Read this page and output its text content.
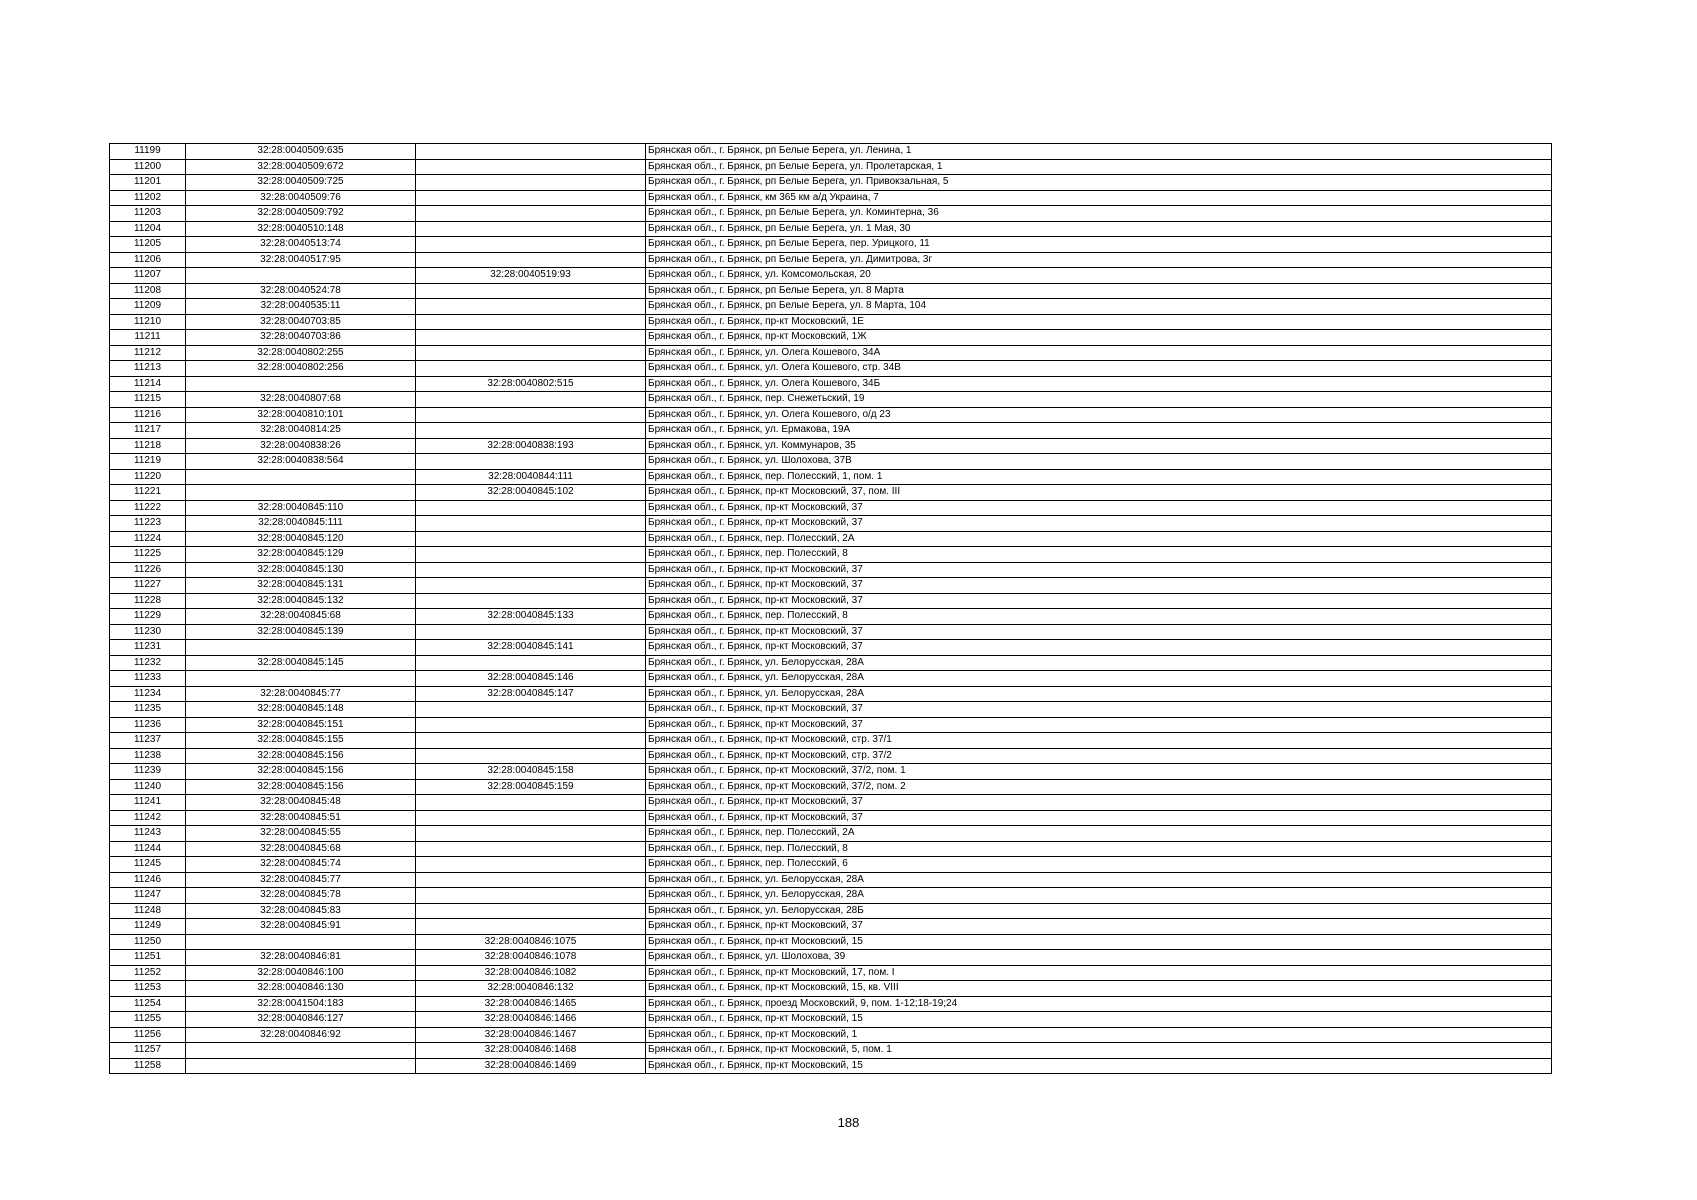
11199	32:28:0040509:635		Брянская обл., г. Брянск, рп Белые Берега, ул. Ленина, 1
11200	32:28:0040509:672		Брянская обл., г. Брянск, рп Белые Берега, ул. Пролетарская, 1
11201	32:28:0040509:725		Брянская обл., г. Брянск, рп Белые Берега, ул. Привокзальная, 5
11202	32:28:0040509:76		Брянская обл., г. Брянск, км 365 км а/д Украина, 7
11203	32:28:0040509:792		Брянская обл., г. Брянск, рп Белые Берега, ул. Коминтерна, 36
11204	32:28:0040510:148		Брянская обл., г. Брянск, рп Белые Берега, ул. 1 Мая, 30
11205	32:28:0040513:74		Брянская обл., г. Брянск, рп Белые Берега, пер. Урицкого, 11
11206	32:28:0040517:95		Брянская обл., г. Брянск, рп Белые Берега, ул. Димитрова, 3г
11207		32:28:0040519:93	Брянская обл., г. Брянск, ул. Комсомольская, 20
11208	32:28:0040524:78		Брянская обл., г. Брянск, рп Белые Берега, ул. 8 Марта
11209	32:28:0040535:11		Брянская обл., г. Брянск, рп Белые Берега, ул. 8 Марта, 104
11210	32:28:0040703:85		Брянская обл., г. Брянск, пр-кт Московский, 1Е
11211	32:28:0040703:86		Брянская обл., г. Брянск, пр-кт Московский, 1Ж
11212	32:28:0040802:255		Брянская обл., г. Брянск, ул. Олега Кошевого, 34А
11213	32:28:0040802:256		Брянская обл., г. Брянск, ул. Олега Кошевого, стр. 34В
11214		32:28:0040802:515	Брянская обл., г. Брянск, ул. Олега Кошевого, 34Б
11215	32:28:0040807:68		Брянская обл., г. Брянск, пер. Снежетьский, 19
11216	32:28:0040810:101		Брянская обл., г. Брянск, ул. Олега Кошевого, о/д 23
11217	32:28:0040814:25		Брянская обл., г. Брянск, ул. Ермакова, 19А
11218	32:28:0040838:26	32:28:0040838:193	Брянская обл., г. Брянск, ул. Коммунаров, 35
11219	32:28:0040838:564		Брянская обл., г. Брянск, ул. Шолохова, 37В
11220		32:28:0040844:111	Брянская обл., г. Брянск, пер. Полесский, 1, пом. 1
11221		32:28:0040845:102	Брянская обл., г. Брянск, пр-кт Московский, 37, пом. III
11222	32:28:0040845:110		Брянская обл., г. Брянск, пр-кт Московский, 37
11223	32:28:0040845:111		Брянская обл., г. Брянск, пр-кт Московский, 37
11224	32:28:0040845:120		Брянская обл., г. Брянск, пер. Полесский, 2А
11225	32:28:0040845:129		Брянская обл., г. Брянск, пер. Полесский, 8
11226	32:28:0040845:130		Брянская обл., г. Брянск, пр-кт Московский, 37
11227	32:28:0040845:131		Брянская обл., г. Брянск, пр-кт Московский, 37
11228	32:28:0040845:132		Брянская обл., г. Брянск, пр-кт Московский, 37
11229	32:28:0040845:68	32:28:0040845:133	Брянская обл., г. Брянск, пер. Полесский, 8
11230	32:28:0040845:139		Брянская обл., г. Брянск, пр-кт Московский, 37
11231		32:28:0040845:141	Брянская обл., г. Брянск, пр-кт Московский, 37
11232	32:28:0040845:145		Брянская обл., г. Брянск, ул. Белорусская, 28А
11233		32:28:0040845:146	Брянская обл., г. Брянск, ул. Белорусская, 28А
11234	32:28:0040845:77	32:28:0040845:147	Брянская обл., г. Брянск, ул. Белорусская, 28А
11235	32:28:0040845:148		Брянская обл., г. Брянск, пр-кт Московский, 37
11236	32:28:0040845:151		Брянская обл., г. Брянск, пр-кт Московский, 37
11237	32:28:0040845:155		Брянская обл., г. Брянск, пр-кт Московский, стр. 37/1
11238	32:28:0040845:156		Брянская обл., г. Брянск, пр-кт Московский, стр. 37/2
11239	32:28:0040845:156	32:28:0040845:158	Брянская обл., г. Брянск, пр-кт Московский, 37/2, пом. 1
11240	32:28:0040845:156	32:28:0040845:159	Брянская обл., г. Брянск, пр-кт Московский, 37/2, пом. 2
11241	32:28:0040845:48		Брянская обл., г. Брянск, пр-кт Московский, 37
11242	32:28:0040845:51		Брянская обл., г. Брянск, пр-кт Московский, 37
11243	32:28:0040845:55		Брянская обл., г. Брянск, пер. Полесский, 2А
11244	32:28:0040845:68		Брянская обл., г. Брянск, пер. Полесский, 8
11245	32:28:0040845:74		Брянская обл., г. Брянск, пер. Полесский, 6
11246	32:28:0040845:77		Брянская обл., г. Брянск, ул. Белорусская, 28А
11247	32:28:0040845:78		Брянская обл., г. Брянск, ул. Белорусская, 28А
11248	32:28:0040845:83		Брянская обл., г. Брянск, ул. Белорусская, 28Б
11249	32:28:0040845:91		Брянская обл., г. Брянск, пр-кт Московский, 37
11250		32:28:0040846:1075	Брянская обл., г. Брянск, пр-кт Московский, 15
11251	32:28:0040846:81	32:28:0040846:1078	Брянская обл., г. Брянск, ул. Шолохова, 39
11252	32:28:0040846:100	32:28:0040846:1082	Брянская обл., г. Брянск, пр-кт Московский, 17, пом. I
11253	32:28:0040846:130	32:28:0040846:132	Брянская обл., г. Брянск, пр-кт Московский, 15, кв. VIII
11254	32:28:0041504:183	32:28:0040846:1465	Брянская обл., г. Брянск, проезд Московский, 9, пом. 1-12;18-19;24
11255	32:28:0040846:127	32:28:0040846:1466	Брянская обл., г. Брянск, пр-кт Московский, 15
11256	32:28:0040846:92	32:28:0040846:1467	Брянская обл., г. Брянск, пр-кт Московский, 1
11257		32:28:0040846:1468	Брянская обл., г. Брянск, пр-кт Московский, 5, пом. 1
11258		32:28:0040846:1469	Брянская обл., г. Брянск, пр-кт Московский, 15
188
